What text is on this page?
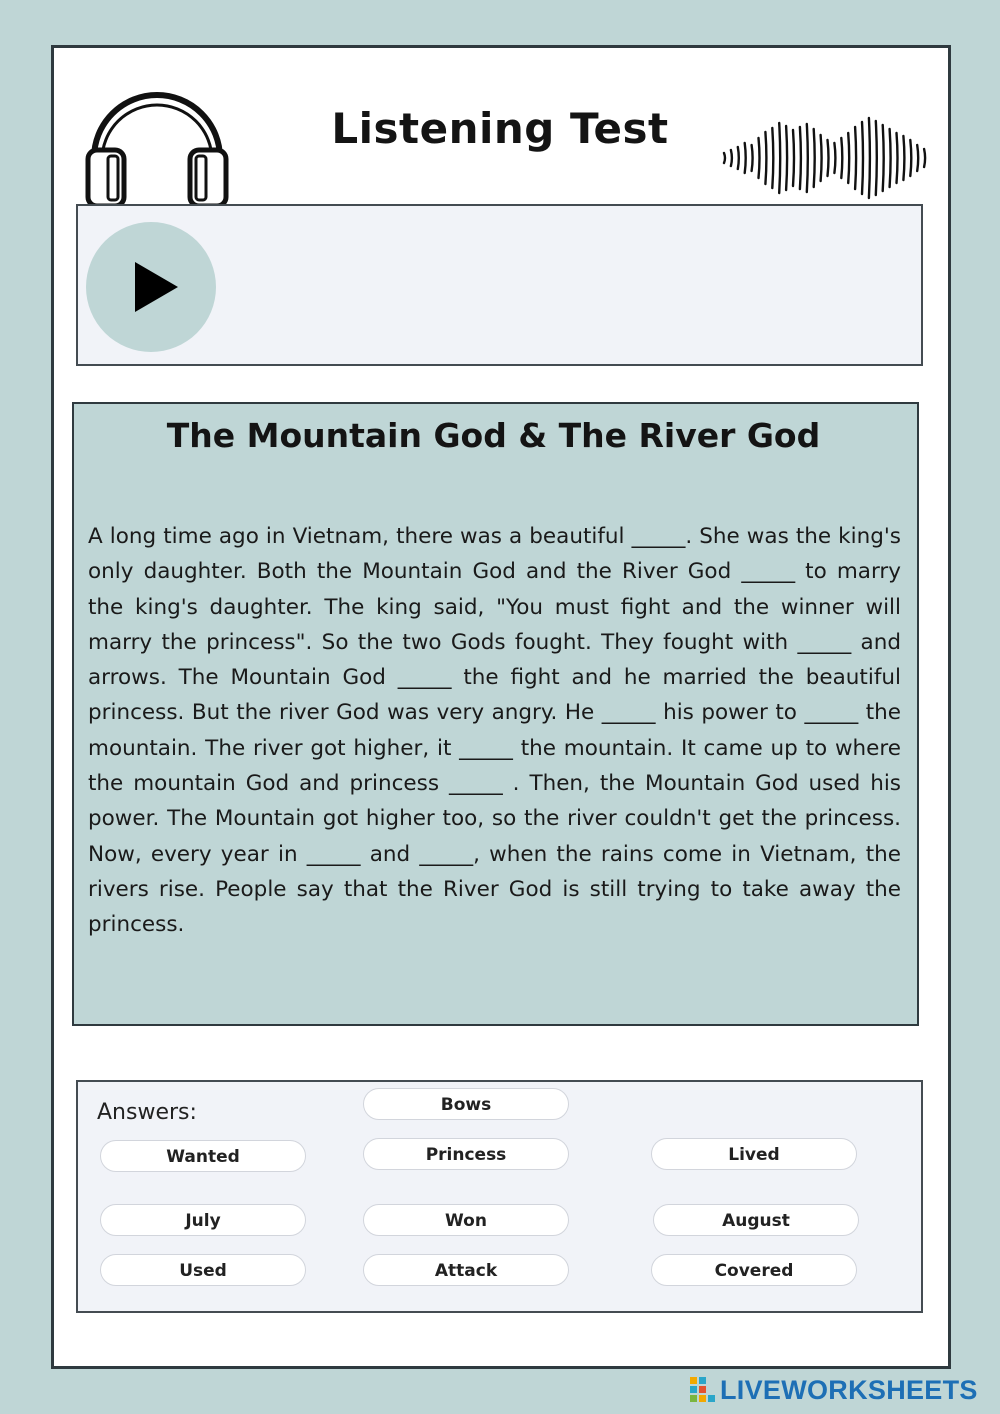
Listening Test
The Mountain God & The River God

A long time ago in Vietnam, there was a beautiful _____. She was the king's only daughter. Both the Mountain God and the River God _____ to marry the king's daughter. The king said, "You must fight and the winner will marry the princess". So the two Gods fought. They fought with _____ and arrows. The Mountain God _____ the fight and he married the beautiful princess. But the river God was very angry. He _____ his power to _____ the mountain. The river got higher, it _____ the mountain. It came up to where the mountain God and princess _____ . Then, the Mountain God used his power. The Mountain got higher too, so the river couldn't get the princess. Now, every year in _____ and _____, when the rains come in Vietnam, the rivers rise. People say that the River God is still trying to take away the princess.

Answers:	Bows
Wanted	Princess	Lived
July	Won	August
Used	Attack	Covered
LIVEWORKSHEETS
